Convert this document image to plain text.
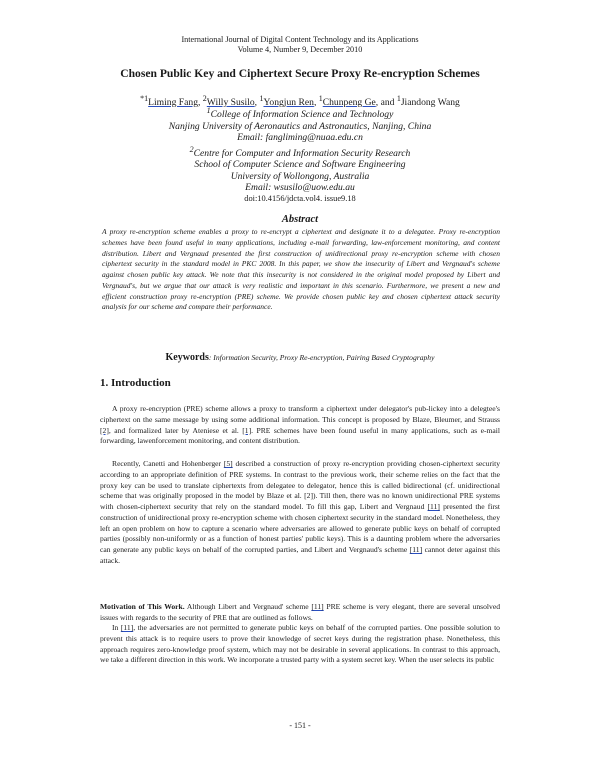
International Journal of Digital Content Technology and its Applications
Volume 4, Number 9, December 2010
Chosen Public Key and Ciphertext Secure Proxy Re-encryption Schemes
$^{*1}$Liming Fang, $^2$Willy Susilo, $^1$Yongjun Ren, $^1$Chunpeng Ge, and $^1$Jiandong Wang
$^1$College of Information Science and Technology
Nanjing University of Aeronautics and Astronautics, Nanjing, China
Email: fangliming@nuaa.edu.cn
$^2$Centre for Computer and Information Security Research
School of Computer Science and Software Engineering
University of Wollongong, Australia
Email: wsusilo@uow.edu.au
doi:10.4156/jdcta.vol4. issue9.18
Abstract
A proxy re-encryption scheme enables a proxy to re-encrypt a ciphertext and designate it to a delegatee. Proxy re-encryption schemes have been found useful in many applications, including e-mail forwarding, law-enforcement monitoring, and content distribution. Libert and Vergnaud presented the first construction of unidirectional proxy re-encryption scheme with chosen ciphertext security in the standard model in PKC 2008. In this paper, we show the insecurity of Libert and Vergnaud's scheme against chosen public key attack. We note that this insecurity is not considered in the original model proposed by Libert and Vergnaud's, but we argue that our attack is very realistic and important in this scenario. Furthermore, we present a new and efficient construction proxy re-encryption (PRE) scheme. We provide chosen public key and chosen ciphertext attack security analysis for our scheme and compare their performance.
Keywords: Information Security, Proxy Re-encryption, Pairing Based Cryptography
1. Introduction

A proxy re-encryption (PRE) scheme allows a proxy to transform a ciphertext under delegator's pub-lickey into a delegtee's ciphertext on the same message by using some additional information. This concept is proposed by Blaze, Bleumer, and Strauss [2], and formalized later by Ateniese et al. [1]. PRE schemes have been found useful in many applications, such as e-mail forwarding, lawenforcement monitoring, and content distribution.

Recently, Canetti and Hohenberger [5] described a construction of proxy re-encryption providing chosen-ciphertext security according to an appropriate definition of PRE systems. In contrast to the previous work, their scheme relies on the fact that the proxy key can be used to translate ciphertexts from delegatee to delegator, hence this is called bidirectional (cf. unidirectional scheme that was originally proposed in the model by Blaze et al. [2]). Till then, there was no known unidirectional PRE systems with chosen-ciphertext security that rely on the standard model. To fill this gap, Libert and Vergnaud [11] presented the first construction of unidirectional proxy re-encryption scheme with chosen ciphertext security in the standard model. Nonetheless, they left an open problem on how to capture a scenario where adversaries are allowed to generate public keys on behalf of corrupted parties (possibly non-uniformly or as a function of honest parties' public keys). This is a daunting problem where the adversaries can generate any public keys on behalf of the corrupted parties, and Libert and Vergnaud's scheme [11] cannot deter against this attack.

Motivation of This Work. Although Libert and Vergnaud' scheme [11] PRE scheme is very elegant, there are several unsolved issues with regards to the security of PRE that are outlined as follows.

In [11], the adversaries are not permitted to generate public keys on behalf of the corrupted parties. One possible solution to prevent this attack is to require users to prove their knowledge of secret keys during the registration phase. Nonetheless, this approach requires zero-knowledge proof system, which may not be desirable in several applications. In contrast to this approach, we take a different direction in this work. We incorporate a trusted party with a system secret key. When the user selects its public

- 151 -
